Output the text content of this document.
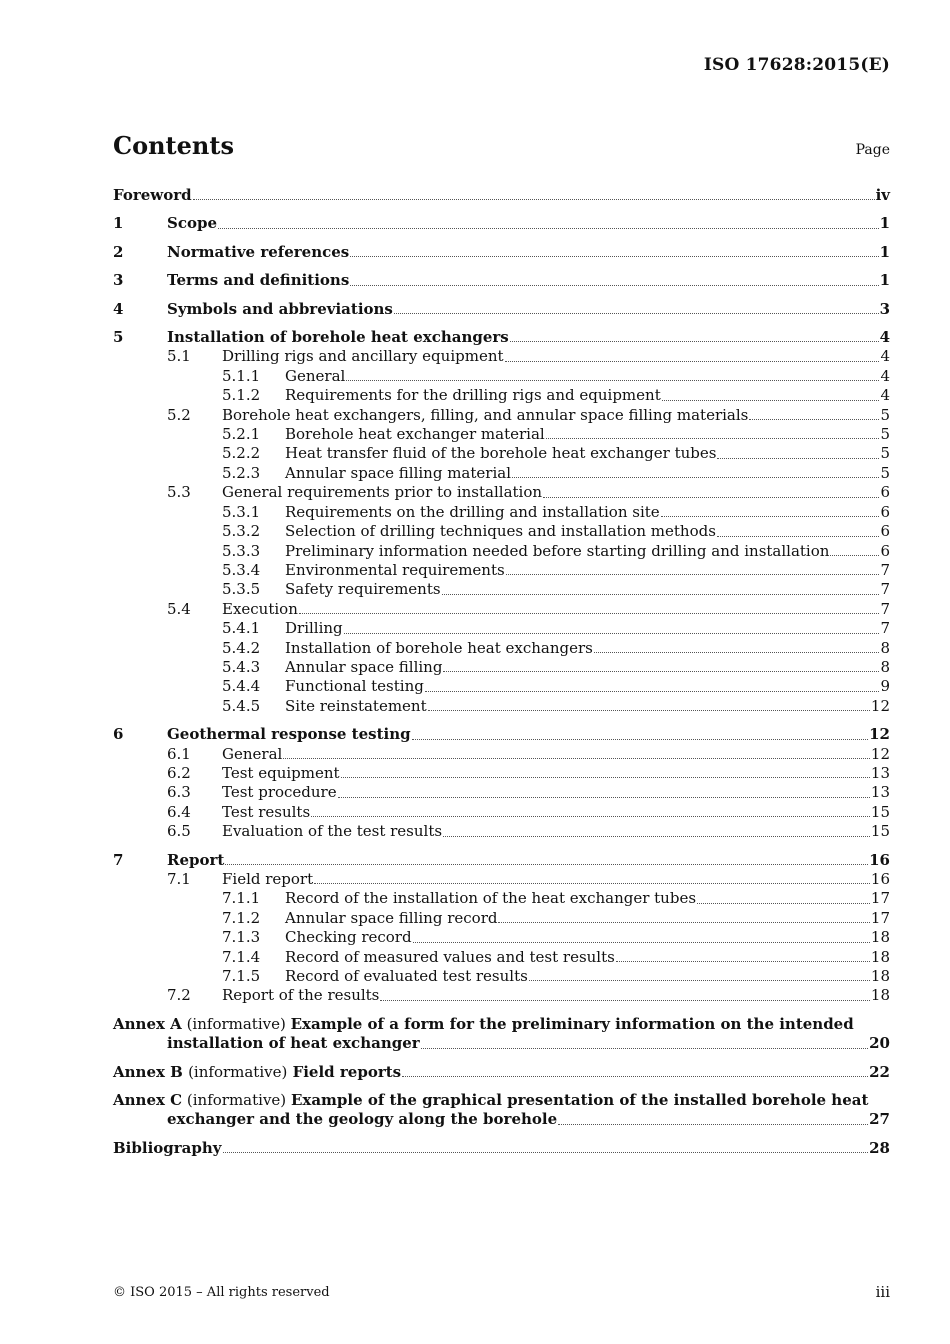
ISO 17628:2015(E)
Contents	Page
Foreword	iv
1	Scope	1
2	Normative references	1
3	Terms and definitions	1
4	Symbols and abbreviations	3
5	Installation of borehole heat exchangers	4
5.1	Drilling rigs and ancillary equipment	4
5.1.1	General	4
5.1.2	Requirements for the drilling rigs and equipment	4
5.2	Borehole heat exchangers, filling, and annular space filling materials	5
5.2.1	Borehole heat exchanger material	5
5.2.2	Heat transfer fluid of the borehole heat exchanger tubes	5
5.2.3	Annular space filling material	5
5.3	General requirements prior to installation	6
5.3.1	Requirements on the drilling and installation site	6
5.3.2	Selection of drilling techniques and installation methods	6
5.3.3	Preliminary information needed before starting drilling and installation	6
5.3.4	Environmental requirements	7
5.3.5	Safety requirements	7
5.4	Execution	7
5.4.1	Drilling	7
5.4.2	Installation of borehole heat exchangers	8
5.4.3	Annular space filling	8
5.4.4	Functional testing	9
5.4.5	Site reinstatement	12
6	Geothermal response testing	12
6.1	General	12
6.2	Test equipment	13
6.3	Test procedure	13
6.4	Test results	15
6.5	Evaluation of the test results	15
7	Report	16
7.1	Field report	16
7.1.1	Record of the installation of the heat exchanger tubes	17
7.1.2	Annular space filling record	17
7.1.3	Checking record	18
7.1.4	Record of measured values and test results	18
7.1.5	Record of evaluated test results	18
7.2	Report of the results	18
Annex A (informative) Example of a form for the preliminary information on the intended
installation of heat exchanger	20
Annex B (informative) Field reports	22
Annex C (informative) Example of the graphical presentation of the installed borehole heat
exchanger and the geology along the borehole	27
Bibliography	28
© ISO 2015 – All rights reserved	iii
